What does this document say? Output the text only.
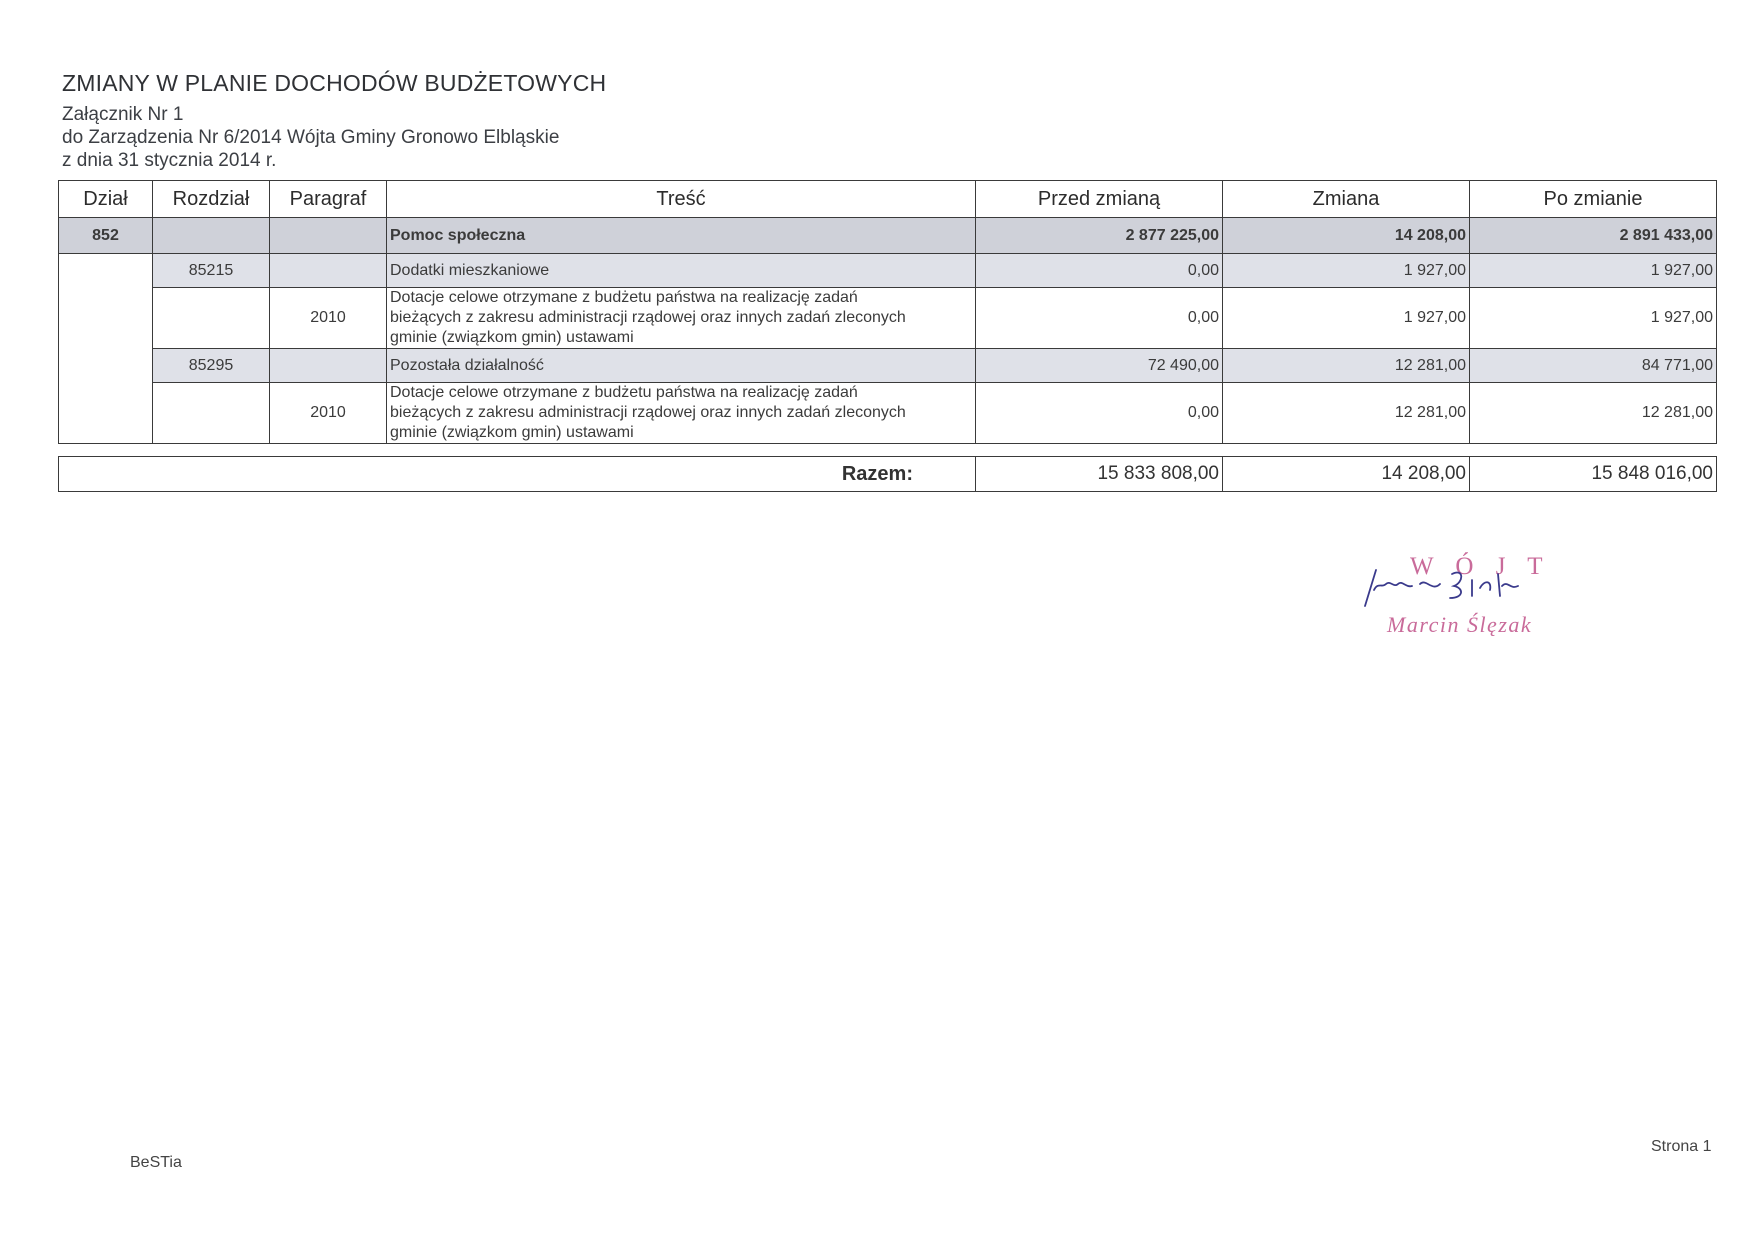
ZMIANY W PLANIE DOCHODÓW BUDŻETOWYCH
Załącznik Nr 1
do Zarządzenia Nr 6/2014 Wójta Gminy Gronowo Elbląskie
z dnia 31 stycznia 2014 r.
Dział	Rozdział	Paragraf	Treść	Przed zmianą	Zmiana	Po zmianie
852			Pomoc społeczna	2 877 225,00	14 208,00	2 891 433,00
	85215		Dodatki mieszkaniowe	0,00	1 927,00	1 927,00
		2010	Dotacje celowe otrzymane z budżetu państwa na realizację zadań
bieżących z zakresu administracji rządowej oraz innych zadań zleconych
gminie (związkom gmin) ustawami	0,00	1 927,00	1 927,00
	85295		Pozostała działalność	72 490,00	12 281,00	84 771,00
		2010	Dotacje celowe otrzymane z budżetu państwa na realizację zadań
bieżących z zakresu administracji rządowej oraz innych zadań zleconych
gminie (związkom gmin) ustawami	0,00	12 281,00	12 281,00
Razem:	15 833 808,00	14 208,00	15 848 016,00
W Ó J T
Marcin Ślęzak
BeSTia
Strona 1
